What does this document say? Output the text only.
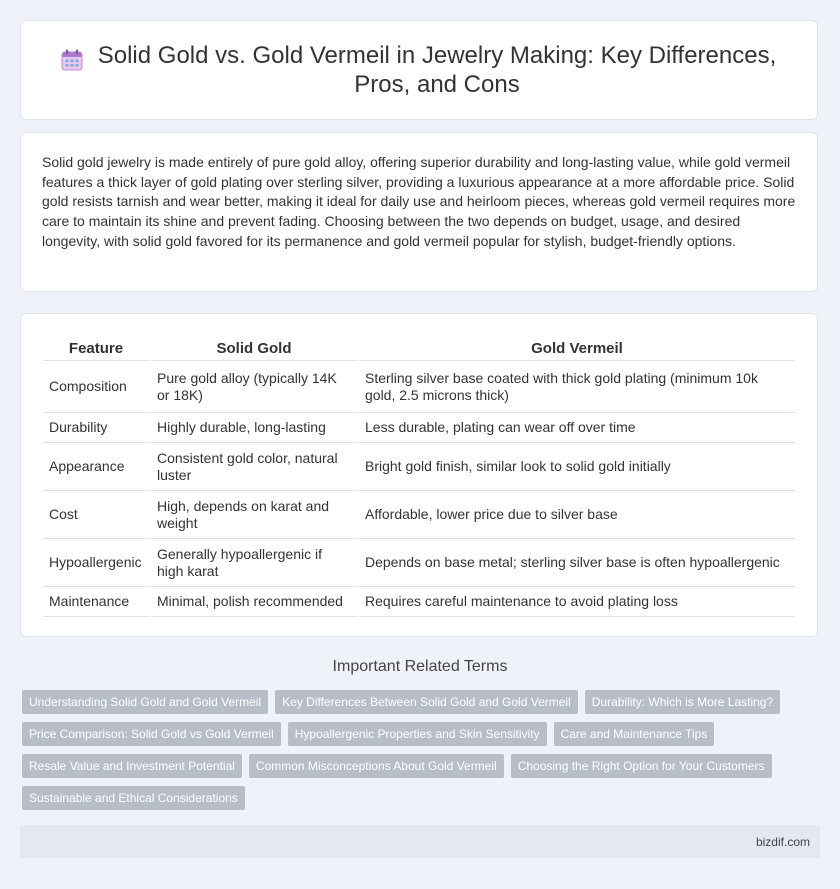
Solid Gold vs. Gold Vermeil in Jewelry Making: Key Differences, Pros, and Cons

Solid gold jewelry is made entirely of pure gold alloy, offering superior durability and long-lasting value, while gold vermeil features a thick layer of gold plating over sterling silver, providing a luxurious appearance at a more affordable price. Solid gold resists tarnish and wear better, making it ideal for daily use and heirloom pieces, whereas gold vermeil requires more care to maintain its shine and prevent fading. Choosing between the two depends on budget, usage, and desired longevity, with solid gold favored for its permanence and gold vermeil popular for stylish, budget-friendly options.

Feature	Solid Gold	Gold Vermeil
Composition	Pure gold alloy (typically 14K or 18K)	Sterling silver base coated with thick gold plating (minimum 10k gold, 2.5 microns thick)
Durability	Highly durable, long-lasting	Less durable, plating can wear off over time
Appearance	Consistent gold color, natural luster	Bright gold finish, similar look to solid gold initially
Cost	High, depends on karat and weight	Affordable, lower price due to silver base
Hypoallergenic	Generally hypoallergenic if high karat	Depends on base metal; sterling silver base is often hypoallergenic
Maintenance	Minimal, polish recommended	Requires careful maintenance to avoid plating loss
Important Related Terms
Understanding Solid Gold and Gold Vermeil	Key Differences Between Solid Gold and Gold Vermeil	Durability: Which is More Lasting?
Price Comparison: Solid Gold vs Gold Vermeil	Hypoallergenic Properties and Skin Sensitivity	Care and Maintenance Tips
Resale Value and Investment Potential	Common Misconceptions About Gold Vermeil	Choosing the Right Option for Your Customers
Sustainable and Ethical Considerations
bizdif.com
